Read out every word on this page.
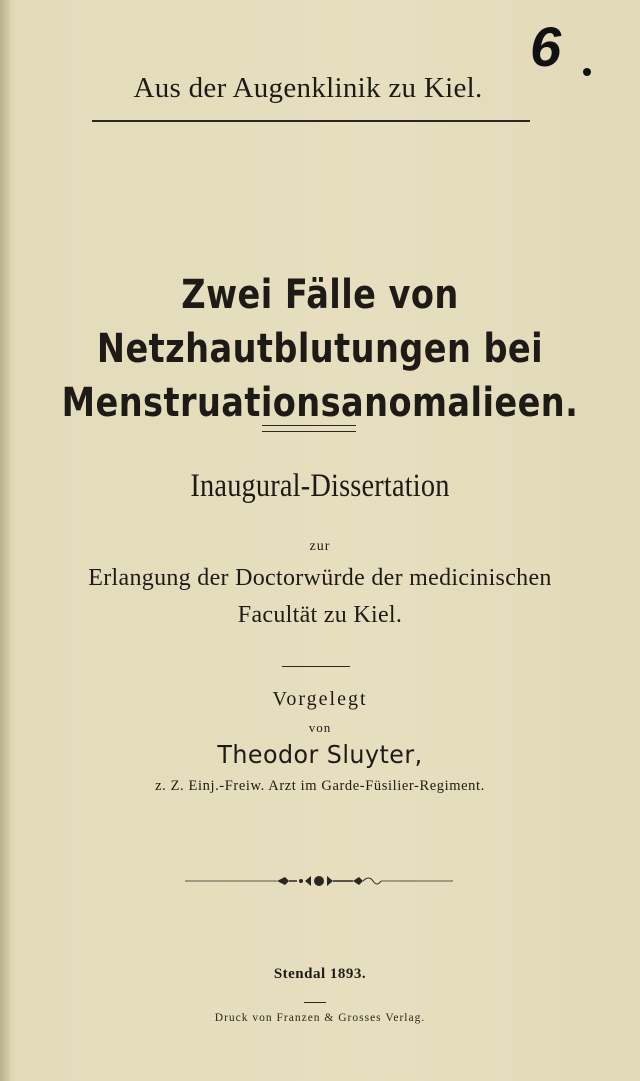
6
Aus der Augenklinik zu Kiel.
Zwei Fälle von Netzhautblutungen bei
Menstruationsanomalieen.
Inaugural-Dissertation
zur
Erlangung der Doctorwürde der medicinischen
Facultät zu Kiel.
Vorgelegt
von
Theodor Sluyter,
z. Z. Einj.-Freiw. Arzt im Garde-Füsilier-Regiment.
Stendal 1893.
Druck von Franzen & Grosses Verlag.
